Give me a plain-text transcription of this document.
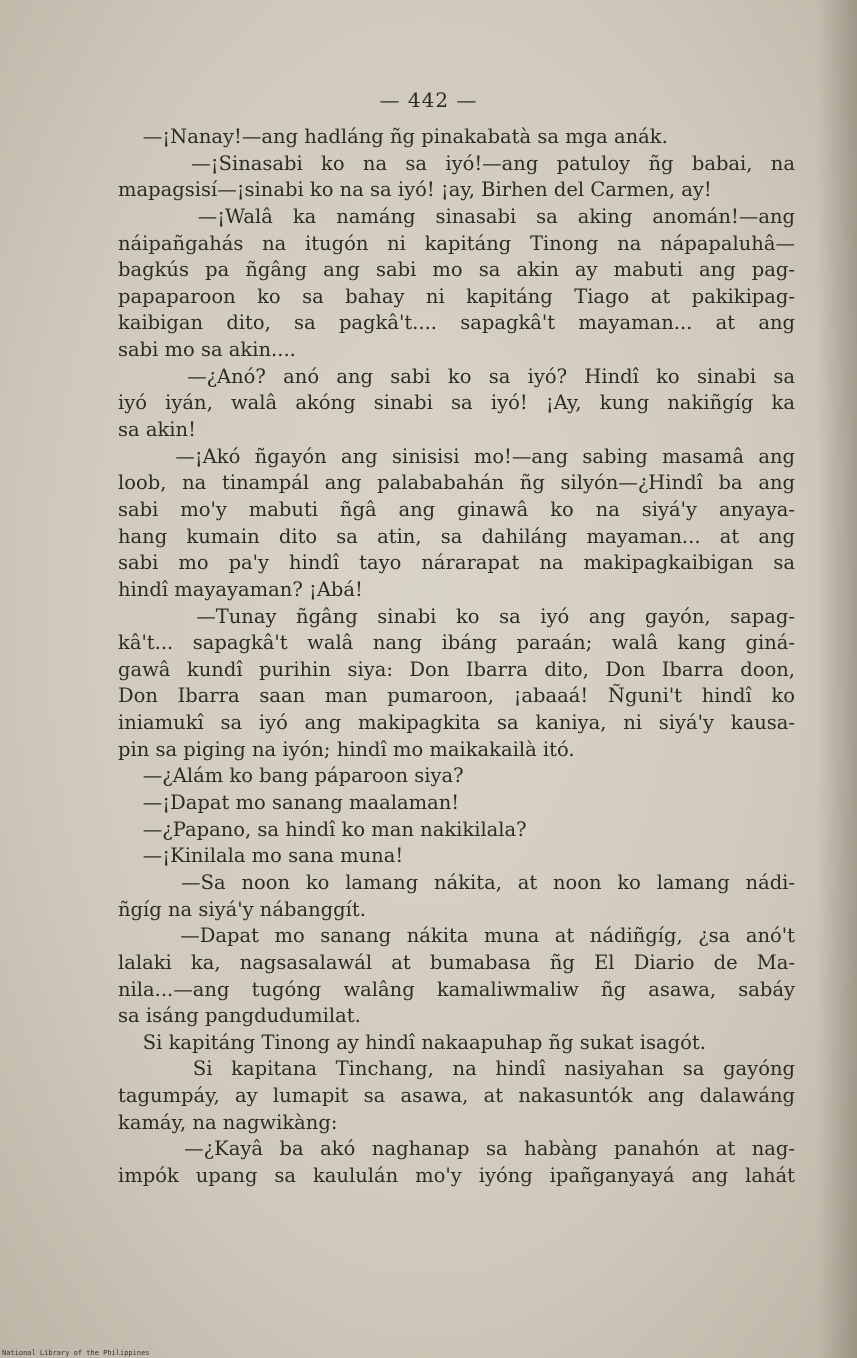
— 442 —
—¡Nanay!—ang hadláng ñg pinakabatà sa mga anák.
—¡Sinasabi ko na sa iyó!—ang patuloy ñg babai, na
mapagsisí—¡sinabi ko na sa iyó! ¡ay, Birhen del Carmen, ay!
—¡Walâ ka namáng sinasabi sa aking anomán!—ang
náipañgahás na itugón ni kapitáng Tinong na nápapaluhâ—
bagkús pa ñgâng ang sabi mo sa akin ay mabuti ang pag-
papaparoon ko sa bahay ni kapitáng Tiago at pakikipag-
kaibigan dito, sa pagkâ't.... sapagkâ't mayaman... at ang
sabi mo sa akin....
—¿Anó? anó ang sabi ko sa iyó? Hindî ko sinabi sa
iyó iyán, walâ akóng sinabi sa iyó! ¡Ay, kung nakiñgíg ka
sa akin!
—¡Akó ñgayón ang sinisisi mo!—ang sabing masamâ ang
loob, na tinampál ang palababahán ñg silyón—¿Hindî ba ang
sabi mo'y mabuti ñgâ ang ginawâ ko na siyá'y anyaya-
hang kumain dito sa atin, sa dahiláng mayaman... at ang
sabi mo pa'y hindî tayo nárarapat na makipagkaibigan sa
hindî mayayaman? ¡Abá!
—Tunay ñgâng sinabi ko sa iyó ang gayón, sapag-
kâ't... sapagkâ't walâ nang ibáng paraán; walâ kang giná-
gawâ kundî purihin siya: Don Ibarra dito, Don Ibarra doon,
Don Ibarra saan man pumaroon, ¡abaaá! Ñguni't hindî ko
iniamukî sa iyó ang makipagkita sa kaniya, ni siyá'y kausa-
pin sa piging na iyón; hindî mo maikakailà itó.
—¿Alám ko bang páparoon siya?
—¡Dapat mo sanang maalaman!
—¿Papano, sa hindî ko man nakikilala?
—¡Kinilala mo sana muna!
—Sa noon ko lamang nákita, at noon ko lamang nádi-
ñgíg na siyá'y nábanggít.
—Dapat mo sanang nákita muna at nádiñgíg, ¿sa anó't
lalaki ka, nagsasalawál at bumabasa ñg El Diario de Ma-
nila...—ang tugóng walâng kamaliwmaliw ñg asawa, sabáy
sa isáng pangdudumilat.
Si kapitáng Tinong ay hindî nakaapuhap ñg sukat isagót.
Si kapitana Tinchang, na hindî nasiyahan sa gayóng
tagumpáy, ay lumapit sa asawa, at nakasuntók ang dalawáng
kamáy, na nagwikàng:
—¿Kayâ ba akó naghanap sa habàng panahón at nag-
impók upang sa kaululán mo'y iyóng ipañganyayá ang lahát
National Library of the Philippines
